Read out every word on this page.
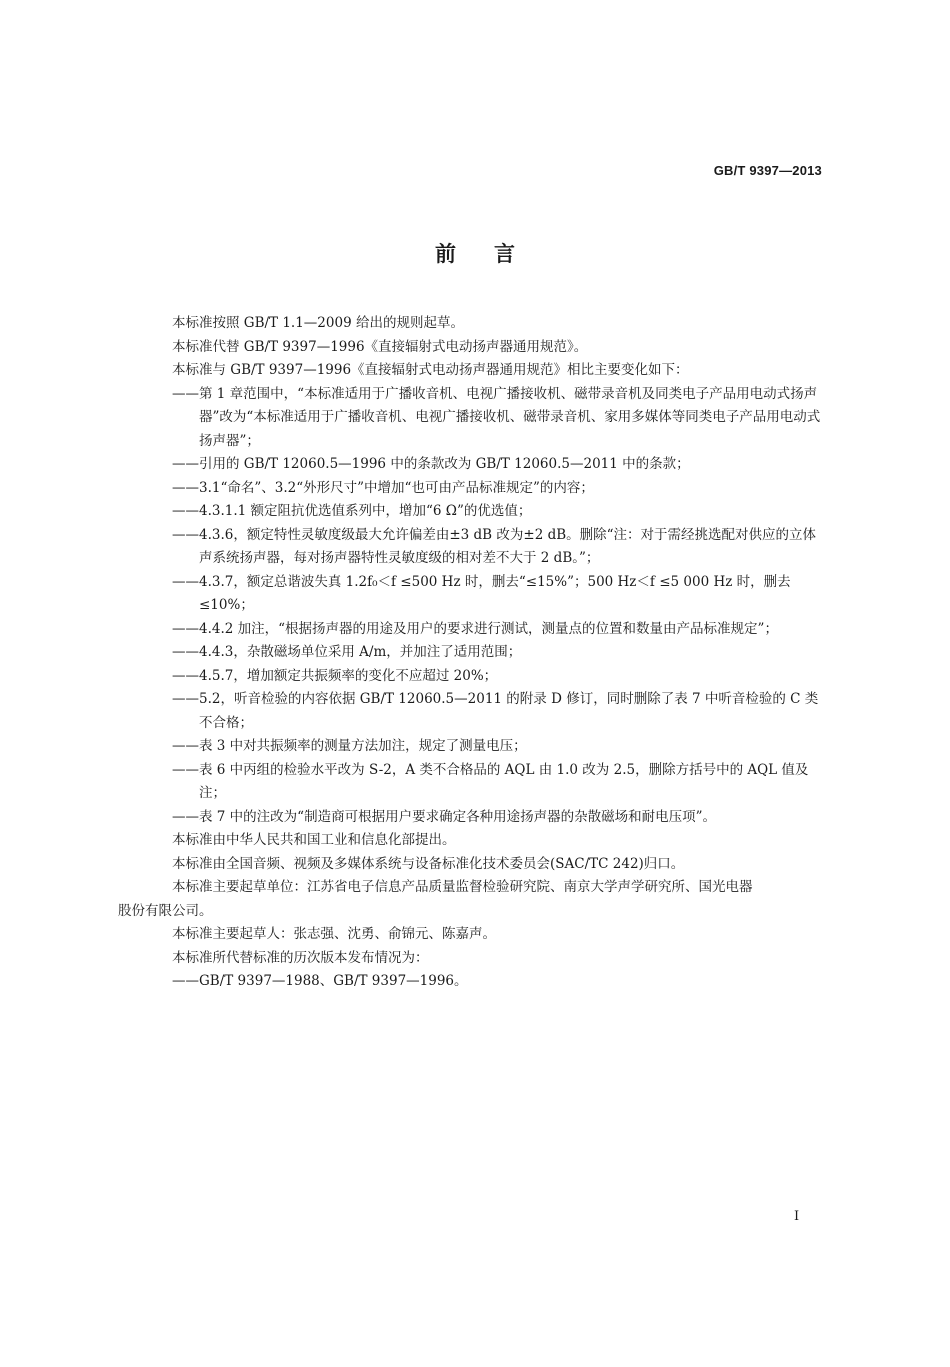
GB/T 9397—2013
前言

本标准按照 GB/T 1.1—2009 给出的规则起草。

本标准代替 GB/T 9397—1996《直接辐射式电动扬声器通用规范》。

本标准与 GB/T 9397—1996《直接辐射式电动扬声器通用规范》相比主要变化如下：

—— 第 1 章范围中，“本标准适用于广播收音机、电视广播接收机、磁带录音机及同类电子产品用电动式扬声器”改为“本标准适用于广播收音机、电视广播接收机、磁带录音机、家用多媒体等同类电子产品用电动式扬声器”；

—— 引用的 GB/T 12060.5—1996 中的条款改为 GB/T 12060.5—2011 中的条款；

—— 3.1“命名”、3.2“外形尺寸”中增加“也可由产品标准规定”的内容；

—— 4.3.1.1 额定阻抗优选值系列中，增加“6 Ω”的优选值；

—— 4.3.6，额定特性灵敏度级最大允许偏差由±3 dB 改为±2 dB。删除“注：对于需经挑选配对供应的立体声系统扬声器，每对扬声器特性灵敏度级的相对差不大于 2 dB。”；

—— 4.3.7，额定总谐波失真 1.2f₀＜f ≤500 Hz 时，删去“≤15%”；500 Hz＜f ≤5 000 Hz 时，删去≤10%；

—— 4.4.2 加注，“根据扬声器的用途及用户的要求进行测试，测量点的位置和数量由产品标准规定”；

—— 4.4.3，杂散磁场单位采用 A/m，并加注了适用范围；

—— 4.5.7，增加额定共振频率的变化不应超过 20%；

—— 5.2，听音检验的内容依据 GB/T 12060.5—2011 的附录 D 修订，同时删除了表 7 中听音检验的 C 类不合格；

—— 表 3 中对共振频率的测量方法加注，规定了测量电压；

—— 表 6 中丙组的检验水平改为 S-2，A 类不合格品的 AQL 由 1.0 改为 2.5，删除方括号中的 AQL 值及注；

—— 表 7 中的注改为“制造商可根据用户要求确定各种用途扬声器的杂散磁场和耐电压项”。

本标准由中华人民共和国工业和信息化部提出。

本标准由全国音频、视频及多媒体系统与设备标准化技术委员会(SAC/TC 242)归口。

本标准主要起草单位：江苏省电子信息产品质量监督检验研究院、南京大学声学研究所、国光电器
股份有限公司。

本标准主要起草人：张志强、沈勇、俞锦元、陈嘉声。

本标准所代替标准的历次版本发布情况为：

—— GB/T 9397—1988、GB/T 9397—1996。

I
